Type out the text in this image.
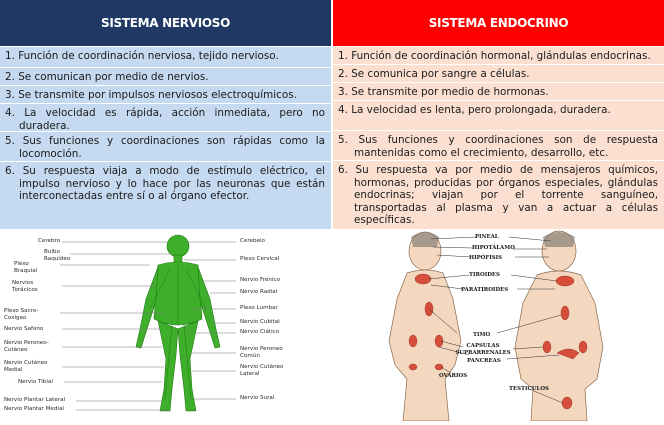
SISTEMA NERVIOSO
1. Función de coordinación nerviosa, tejido nervioso.
2. Se comunican por medio de nervios.
3. Se transmite por impulsos nerviosos electroquímicos.
4. La velocidad es rápida, acción inmediata, pero no duradera.
5. Sus funciones y coordinaciones son rápidas como la locomoción.
6. Su respuesta viaja a modo de estímulo eléctrico, el impulso nervioso y lo hace por las neuronas que están interconectadas entre sí o al órgano efector.
Cerebro
Bulbo Raquídeo
Plexo Braquial
Nervios Torácicos
Plexo Sacro-Coxígeo
Nervio Safeno
Nervio Peroneo-Cutáneo
Nervio Cutáneo Medial
Nervio Tibial
Nervio Plantar Lateral
Nervio Plantar Medial
Cerebelo
Plexo Cervical
Nervio Frénico
Nervio Radial
Plexo Lumbar
Nervio Cubital
Nervio Ciático
Nervio Peroneo Común
Nervio Cutáneo Lateral
Nervio Sural
SISTEMA ENDOCRINO
1. Función de coordinación hormonal, glándulas endocrinas.
2. Se comunica por sangre a células.
3. Se transmite por medio de hormonas.
4. La velocidad es lenta, pero prolongada, duradera.
5. Sus funciones y coordinaciones son de respuesta mantenidas como el crecimiento, desarrollo, etc.
6. Su respuesta va por medio de mensajeros químicos, hormonas, producidas por órganos especiales, glándulas endocrinas; viajan por el torrente sanguíneo, transportadas al plasma y van a actuar a células específicas.
PINEAL
HIPOTÁLAMO
HIPÓFISIS
TIROIDES
PARATIROIDES
TIMO
CAPSULAS SUPRARRENALES
PANCREAS
OVARIOS
TESTICULOS
